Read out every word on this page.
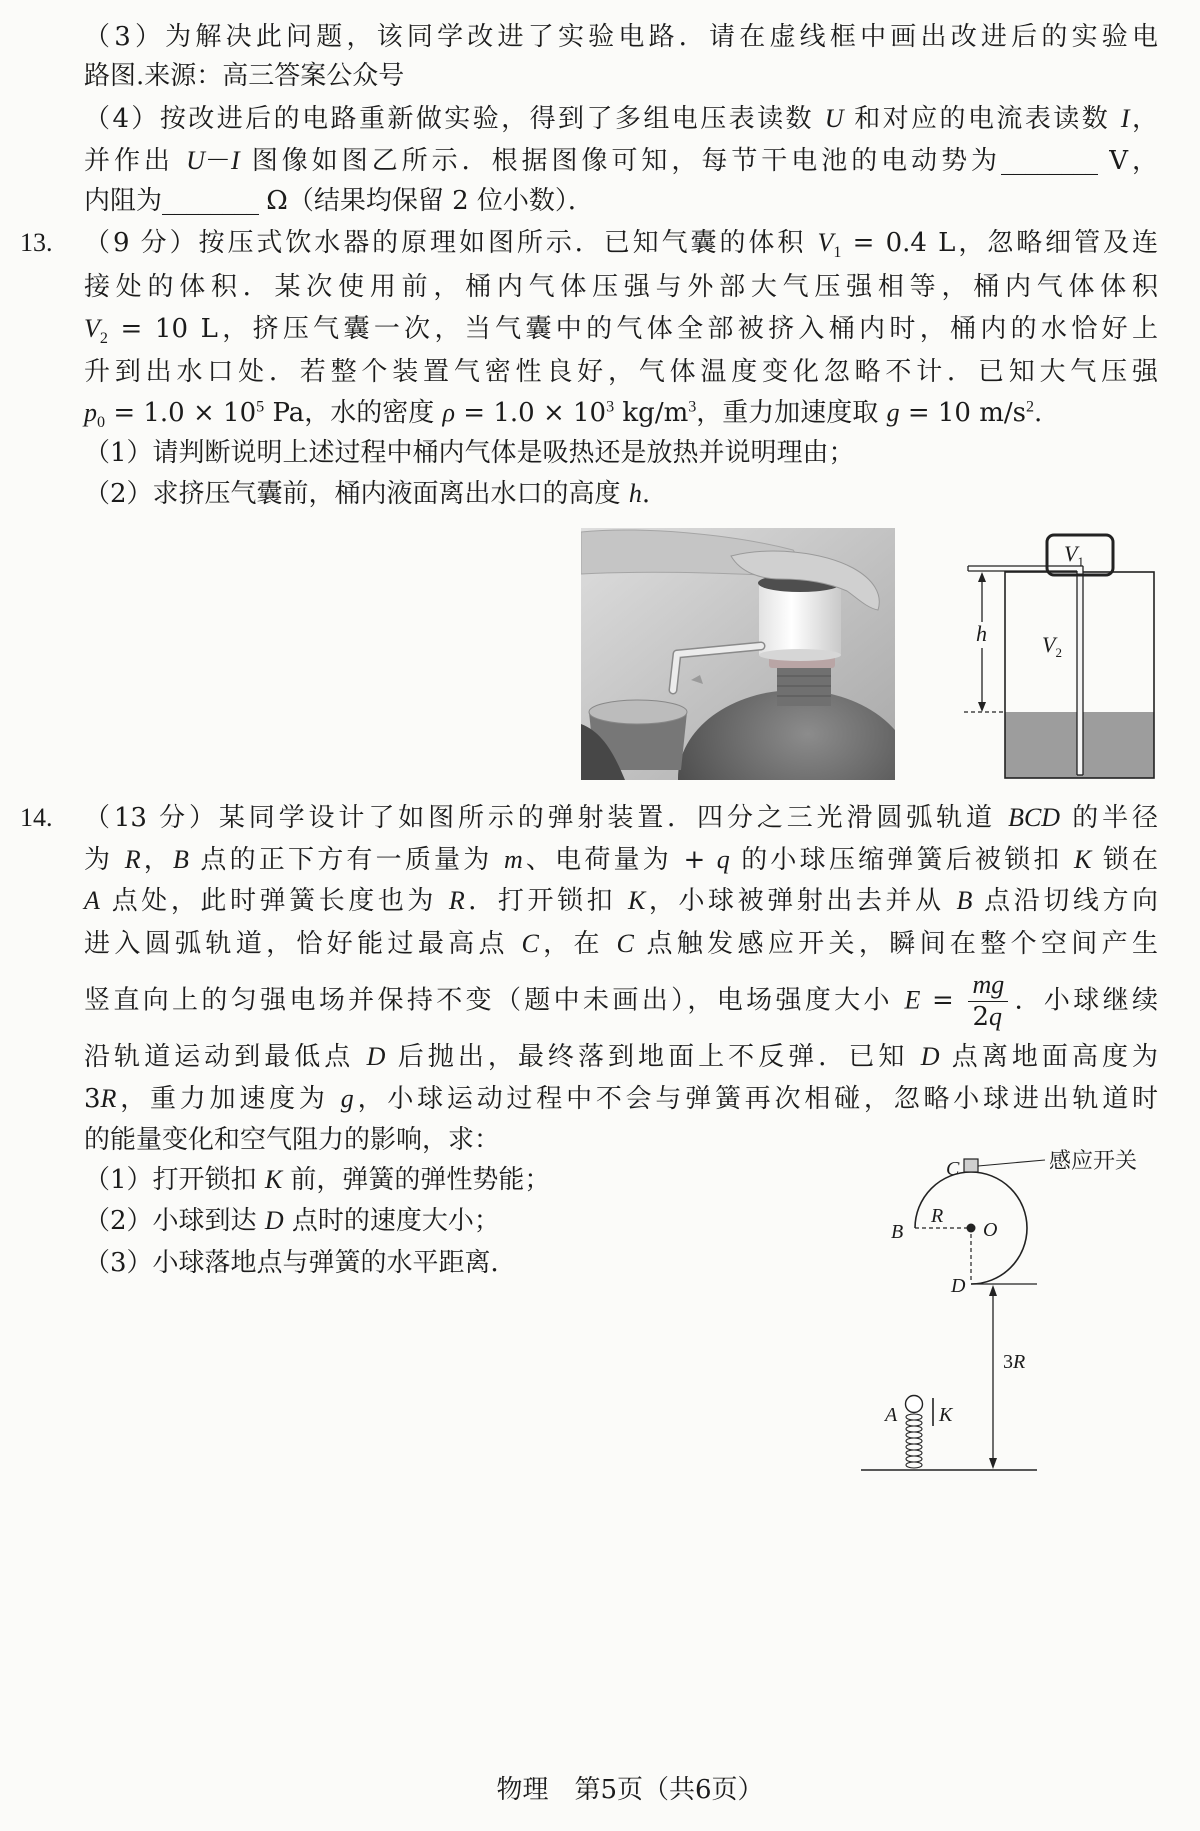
（3）为解决此问题，该同学改进了实验电路．请在虚线框中画出改进后的实验电
路图.来源：高三答案公众号
（4）按改进后的电路重新做实验，得到了多组电压表读数 U 和对应的电流表读数 I，
并作出 U－I 图像如图乙所示．根据图像可知，每节干电池的电动势为________ V，
内阻为________ Ω（结果均保留 2 位小数）．
13. （9 分）按压式饮水器的原理如图所示．已知气囊的体积 $V_1 = 0.4$ L，忽略细管及连
接处的体积．某次使用前，桶内气体压强与外部大气压强相等，桶内气体体积
$V_2 = 10$ L，挤压气囊一次，当气囊中的气体全部被挤入桶内时，桶内的水恰好上
升到出水口处．若整个装置气密性良好，气体温度变化忽略不计．已知大气压强
$p_0 = 1.0 \times 10^5$ Pa，水的密度 $\rho = 1.0 \times 10^3$ $kg/m^3$，重力加速度取 g = 10 $m/s^2$.
（1）请判断说明上述过程中桶内气体是吸热还是放热并说明理由；
（2）求挤压气囊前，桶内液面离出水口的高度 h.
$V_1$
h	$V_2$
14. （13 分）某同学设计了如图所示的弹射装置．四分之三光滑圆弧轨道 BCD 的半径
为 R，B 点的正下方有一质量为 m、电荷量为 + q 的小球压缩弹簧后被锁扣 K 锁在
A 点处，此时弹簧长度也为 R．打开锁扣 K，小球被弹射出去并从 B 点沿切线方向
进入圆弧轨道，恰好能过最高点 C，在 C 点触发感应开关，瞬间在整个空间产生
竖直向上的匀强电场并保持不变（题中未画出），电场强度大小 $E = \frac{mg}{2q}$ ．小球继续
沿轨道运动到最低点 D 后抛出，最终落到地面上不反弹．已知 D 点离地面高度为
3R，重力加速度为 g，小球运动过程中不会与弹簧再次相碰，忽略小球进出轨道时
的能量变化和空气阻力的影响，求：
（1）打开锁扣 K 前，弹簧的弹性势能；
（2）小球到达 D 点时的速度大小；
（3）小球落地点与弹簧的水平距离．
感应开关
C
B
R
O
D
3R
A K
物理　第5页（共6页）
